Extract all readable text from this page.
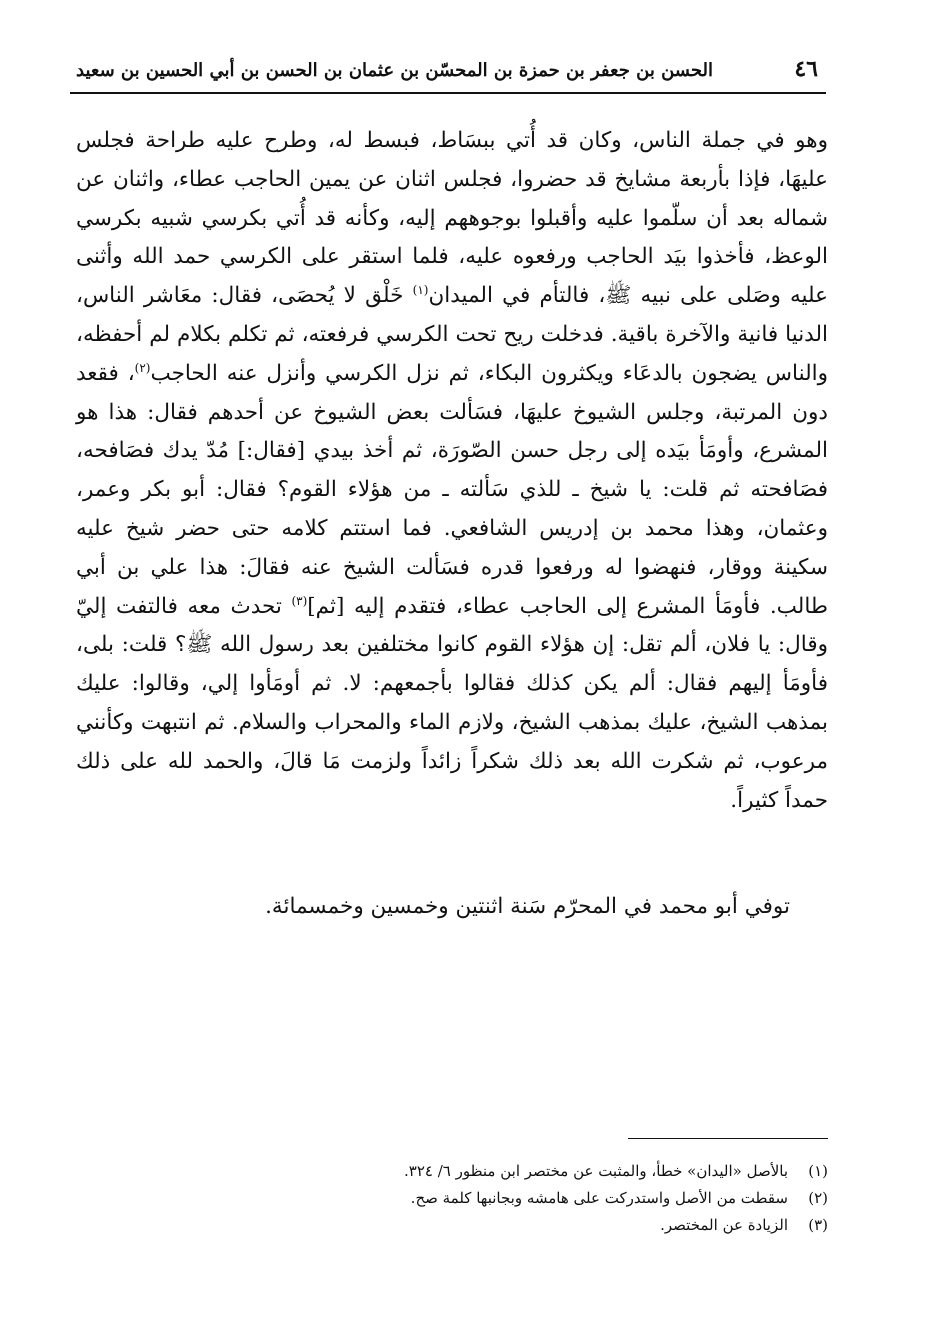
٤٦
الحسن بن جعفر بن حمزة بن المحسّن بن عثمان بن الحسن بن أبي الحسين بن سعيد

وهو في جملة الناس، وكان قد أُتي ببسَاط، فبسط له، وطرح عليه طراحة فجلس عليهَا، فإذا بأربعة مشايخ قد حضروا، فجلس اثنان عن يمين الحاجب عطاء، واثنان عن شماله بعد أن سلّموا عليه وأقبلوا بوجوههم إليه، وكأنه قد أُتي بكرسي شبيه بكرسي الوعظ، فأخذوا بيَد الحاجب ورفعوه عليه، فلما استقر على الكرسي حمد الله وأثنى عليه وصَلى على نبيه ﷺ، فالتأم في الميدان$^{(١)}$ خَلْق لا يُحصَى، فقال: معَاشر الناس، الدنيا فانية والآخرة باقية. فدخلت ريح تحت الكرسي فرفعته، ثم تكلم بكلام لم أحفظه، والناس يضجون بالدعَاء ويكثرون البكاء، ثم نزل الكرسي وأنزل عنه الحاجب$^{(٢)}$، فقعد دون المرتبة، وجلس الشيوخ عليهَا، فسَألت بعض الشيوخ عن أحدهم فقال: هذا هو المشرع، وأومَأ بيَده إلى رجل حسن الصّورَة، ثم أخذ بيدي [فقال:] مُدّ يدك فصَافحه، فصَافحته ثم قلت: يا شيخ ـ للذي سَألته ـ من هؤلاء القوم؟ فقال: أبو بكر وعمر، وعثمان، وهذا محمد بن إدريس الشافعي. فما استتم كلامه حتى حضر شيخ عليه سكينة ووقار، فنهضوا له ورفعوا قدره فسَألت الشيخ عنه فقالَ: هذا علي بن أبي طالب. فأومَأ المشرع إلى الحاجب عطاء، فتقدم إليه [ثم]$^{(٣)}$ تحدث معه فالتفت إليّ وقال: يا فلان، ألم تقل: إن هؤلاء القوم كانوا مختلفين بعد رسول الله ﷺ؟ قلت: بلى، فأومَأ إليهم فقال: ألم يكن كذلك فقالوا بأجمعهم: لا. ثم أومَأوا إلي، وقالوا: عليك بمذهب الشيخ، عليك بمذهب الشيخ، ولازم الماء والمحراب والسلام. ثم انتبهت وكأنني مرعوب، ثم شكرت الله بعد ذلك شكراً زائداً ولزمت مَا قالَ، والحمد لله على ذلك حمداً كثيراً.

توفي أبو محمد في المحرّم سَنة اثنتين وخمسين وخمسمائة.
(١)
بالأصل «اليدان» خطأ، والمثبت عن مختصر ابن منظور ٦/ ٣٢٤.
(٢)
سقطت من الأصل واستدركت على هامشه وبجانبها كلمة صح.
(٣)
الزيادة عن المختصر.
